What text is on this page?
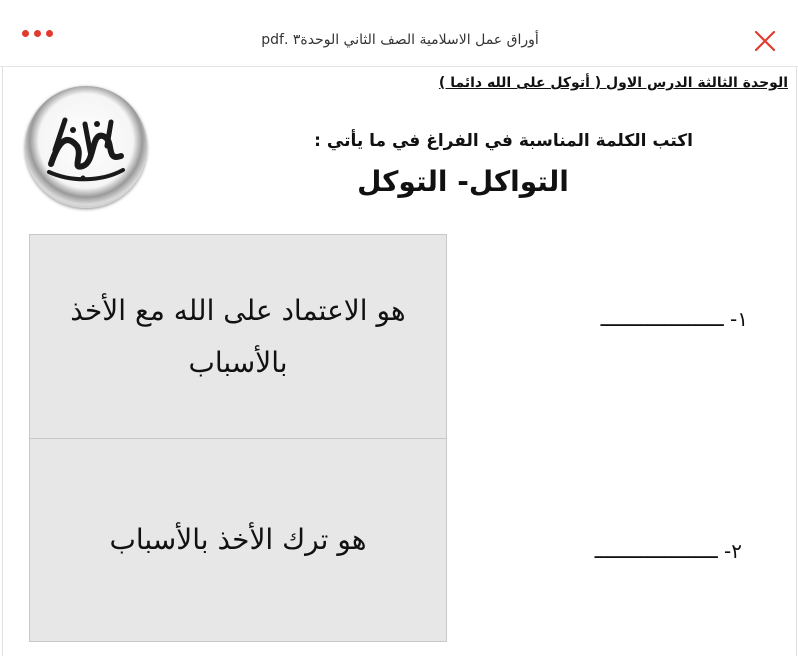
أوراق عمل الاسلامية الصف الثاني الوحدة٣ .pdf
الوحدة الثالثة الدرس الاول ( أتوكل على الله دائما )
اكتب الكلمة المناسبة في الفراغ في ما يأتي :
التواكل- التوكل
هو الاعتماد على الله مع الأخذ بالأسباب
هو ترك الأخذ بالأسباب
١- ـــــــــــــــــــــ
٢- ـــــــــــــــــــــ
